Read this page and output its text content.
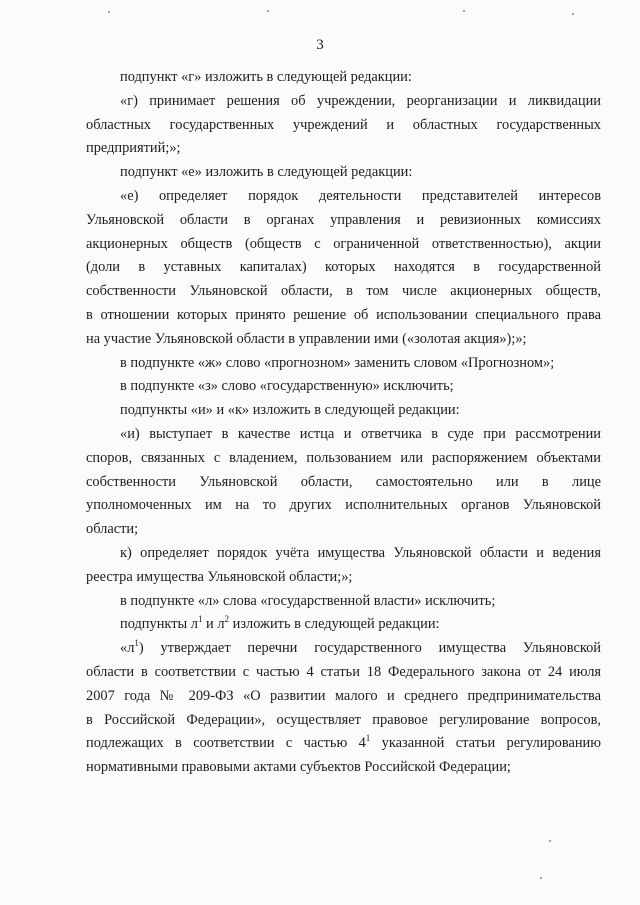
3

подпункт «г» изложить в следующей редакции:

«г) принимает решения об учреждении, реорганизации и ликвидации

областных государственных учреждений и областных государственных

предприятий;»;

подпункт «е» изложить в следующей редакции:

«е) определяет порядок деятельности представителей интересов

Ульяновской области в органах управления и ревизионных комиссиях

акционерных обществ (обществ с ограниченной ответственностью), акции

(доли в уставных капиталах) которых находятся в государственной

собственности Ульяновской области, в том числе акционерных обществ,

в отношении которых принято решение об использовании специального права

на участие Ульяновской области в управлении ими («золотая акция»);»;

в подпункте «ж» слово «прогнозном» заменить словом «Прогнозном»;

в подпункте «з» слово «государственную» исключить;

подпункты «и» и «к» изложить в следующей редакции:

«и) выступает в качестве истца и ответчика в суде при рассмотрении

споров, связанных с владением, пользованием или распоряжением объектами

собственности Ульяновской области, самостоятельно или в лице

уполномоченных им на то других исполнительных органов Ульяновской

области;

к) определяет порядок учёта имущества Ульяновской области и ведения

реестра имущества Ульяновской области;»;

в подпункте «л» слова «государственной власти» исключить;

подпункты $л^1$ и $л^2$ изложить в следующей редакции:

«$л^1$) утверждает перечни государственного имущества Ульяновской

области в соответствии с частью 4 статьи 18 Федерального закона от 24 июля

2007 года № 209-ФЗ «О развитии малого и среднего предпринимательства

в Российской Федерации», осуществляет правовое регулирование вопросов,

подлежащих в соответствии с частью $4^1$ указанной статьи регулированию

нормативными правовыми актами субъектов Российской Федерации;
